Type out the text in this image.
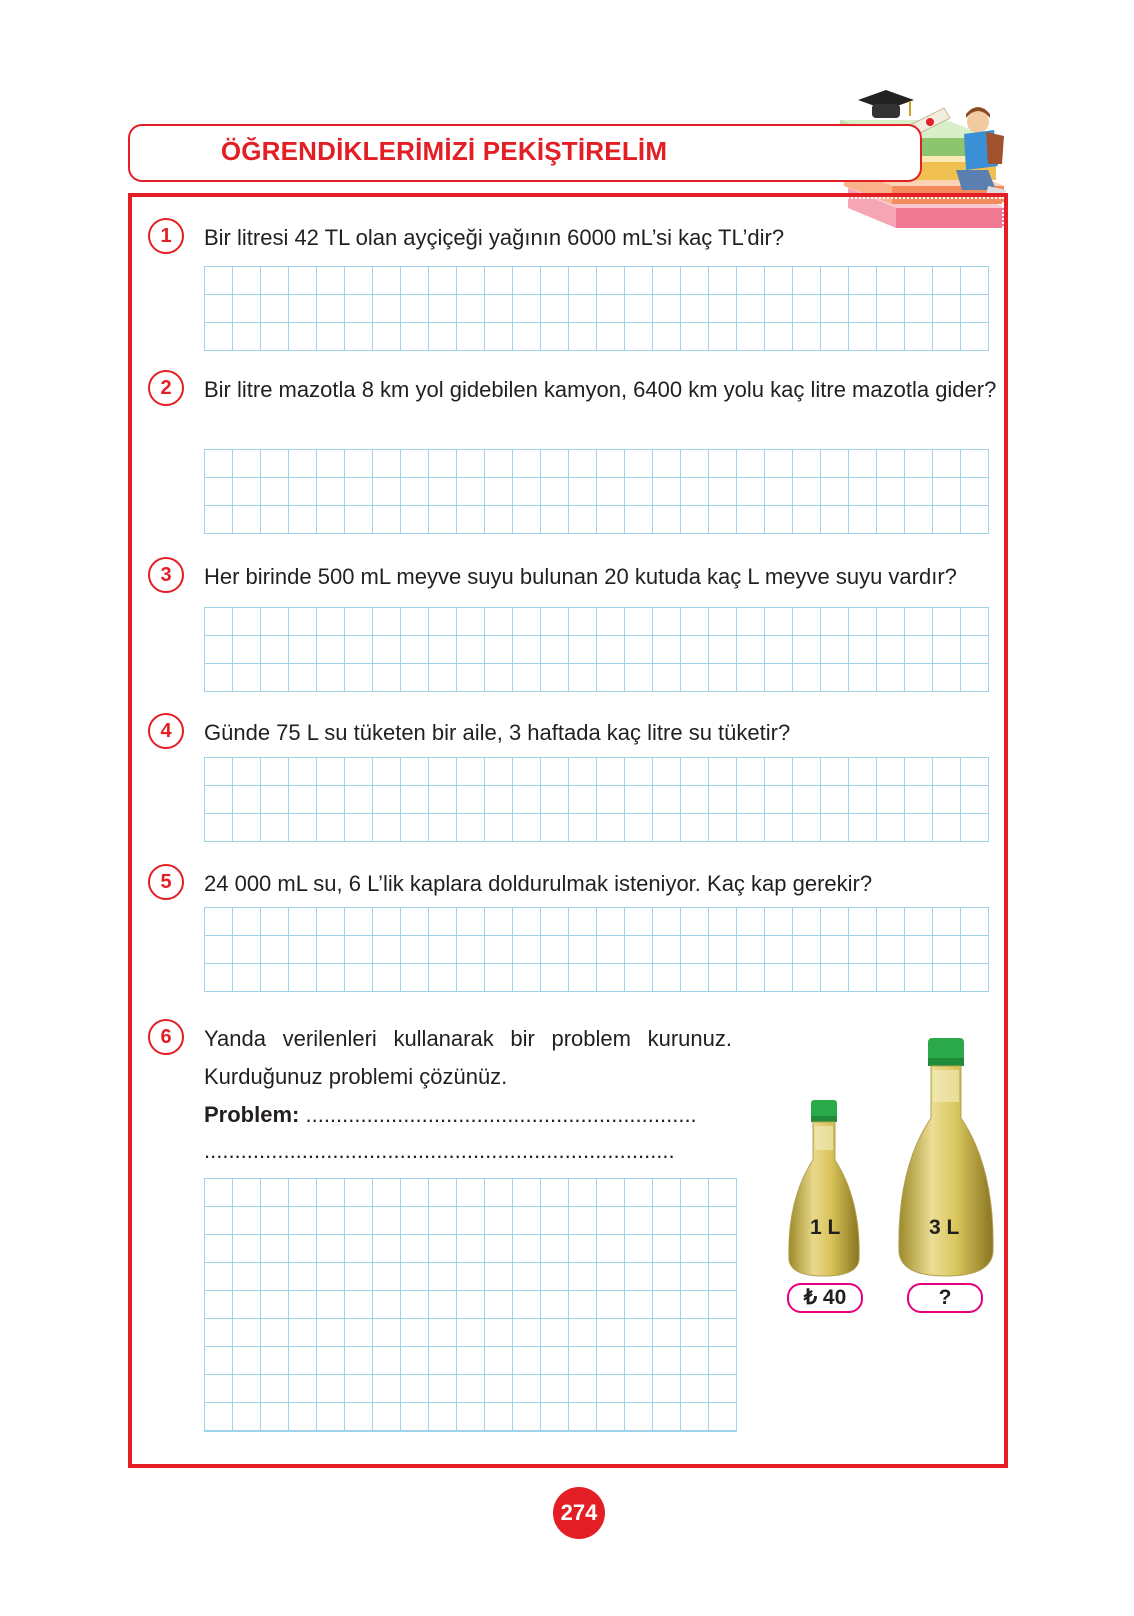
ÖĞRENDİKLERİMİZİ PEKİŞTİRELİM
1	Bir litresi 42 TL olan ayçiçeği yağının 6000 mL’si kaç TL’dir?
2	Bir litre mazotla 8 km yol gidebilen kamyon, 6400 km yolu kaç litre mazotla gider?
3	Her birinde 500 mL meyve suyu bulunan 20 kutuda kaç L meyve suyu vardır?
4	Günde 75 L su tüketen bir aile, 3 haftada kaç litre su tüketir?
5	24 000 mL su, 6 L’lik kaplara doldurulmak isteniyor. Kaç kap gerekir?
6	Yanda verilenleri kullanarak bir problem kurunuz. Kurduğunuz problemi çözünüz.
Problem: ................................................................
.............................................................................
1 L
₺ 40
3 L
?
274
